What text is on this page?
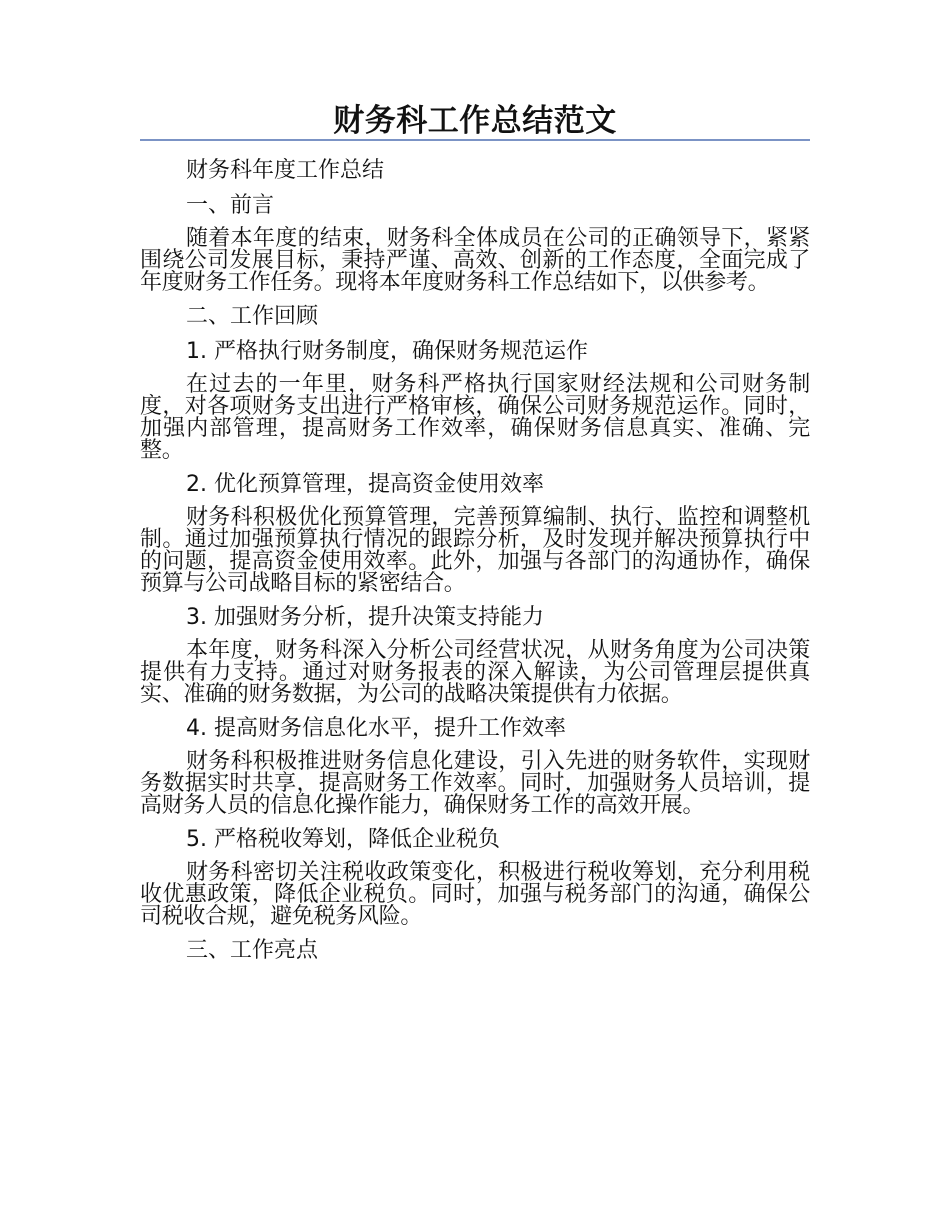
财务科工作总结范文
财务科年度工作总结
一、前言
随着本年度的结束，财务科全体成员在公司的正确领导下，紧紧围绕公司发展目标，秉持严谨、高效、创新的工作态度，全面完成了年度财务工作任务。现将本年度财务科工作总结如下，以供参考。
二、工作回顾
1. 严格执行财务制度，确保财务规范运作
在过去的一年里，财务科严格执行国家财经法规和公司财务制度，对各项财务支出进行严格审核，确保公司财务规范运作。同时，加强内部管理，提高财务工作效率，确保财务信息真实、准确、完整。
2. 优化预算管理，提高资金使用效率
财务科积极优化预算管理，完善预算编制、执行、监控和调整机制。通过加强预算执行情况的跟踪分析，及时发现并解决预算执行中的问题，提高资金使用效率。此外，加强与各部门的沟通协作，确保预算与公司战略目标的紧密结合。
3. 加强财务分析，提升决策支持能力
本年度，财务科深入分析公司经营状况，从财务角度为公司决策提供有力支持。通过对财务报表的深入解读，为公司管理层提供真实、准确的财务数据，为公司的战略决策提供有力依据。
4. 提高财务信息化水平，提升工作效率
财务科积极推进财务信息化建设，引入先进的财务软件，实现财务数据实时共享，提高财务工作效率。同时，加强财务人员培训，提高财务人员的信息化操作能力，确保财务工作的高效开展。
5. 严格税收筹划，降低企业税负
财务科密切关注税收政策变化，积极进行税收筹划，充分利用税收优惠政策，降低企业税负。同时，加强与税务部门的沟通，确保公司税收合规，避免税务风险。
三、工作亮点
